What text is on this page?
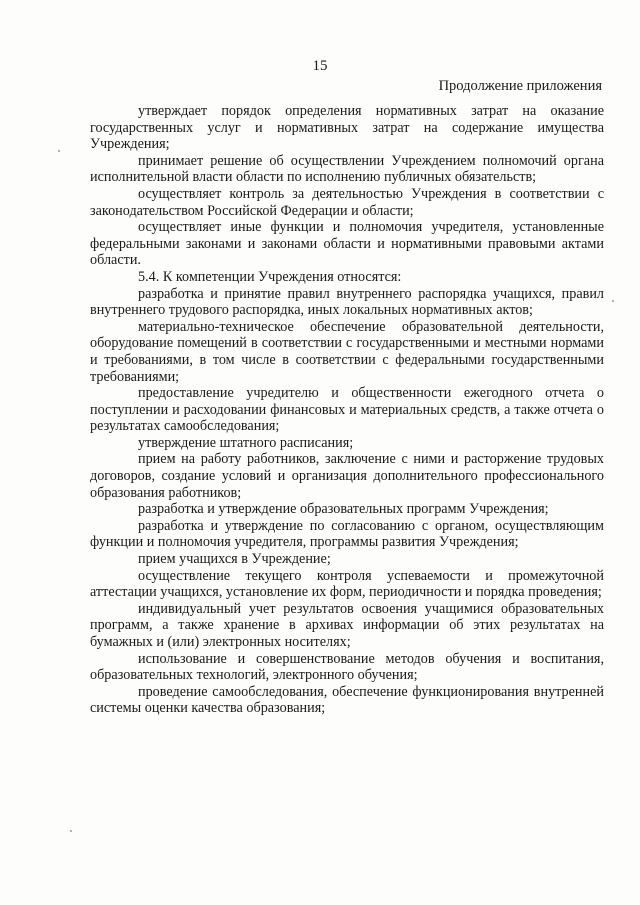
15
Продолжение приложения

утверждает порядок определения нормативных затрат на оказание государственных услуг и нормативных затрат на содержание имущества Учреждения;

принимает решение об осуществлении Учреждением полномочий органа исполнительной власти области по исполнению публичных обязательств;

осуществляет контроль за деятельностью Учреждения в соответствии с законодательством Российской Федерации и области;

осуществляет иные функции и полномочия учредителя, установленные федеральными законами и законами области и нормативными правовыми актами области.

5.4. К компетенции Учреждения относятся:

разработка и принятие правил внутреннего распорядка учащихся, правил внутреннего трудового распорядка, иных локальных нормативных актов;

материально-техническое обеспечение образовательной деятельности, оборудование помещений в соответствии с государственными и местными нормами и требованиями, в том числе в соответствии с федеральными государственными требованиями;

предоставление учредителю и общественности ежегодного отчета о поступлении и расходовании финансовых и материальных средств, а также отчета о результатах самообследования;

утверждение штатного расписания;

прием на работу работников, заключение с ними и расторжение трудовых договоров, создание условий и организация дополнительного профессионального образования работников;

разработка и утверждение образовательных программ Учреждения;

разработка и утверждение по согласованию с органом, осуществляющим функции и полномочия учредителя, программы развития Учреждения;

прием учащихся в Учреждение;

осуществление текущего контроля успеваемости и промежуточной аттестации учащихся, установление их форм, периодичности и порядка проведения;

индивидуальный учет результатов освоения учащимися образовательных программ, а также хранение в архивах информации об этих результатах на бумажных и (или) электронных носителях;

использование и совершенствование методов обучения и воспитания, образовательных технологий, электронного обучения;

проведение самообследования, обеспечение функционирования внутренней системы оценки качества образования;
